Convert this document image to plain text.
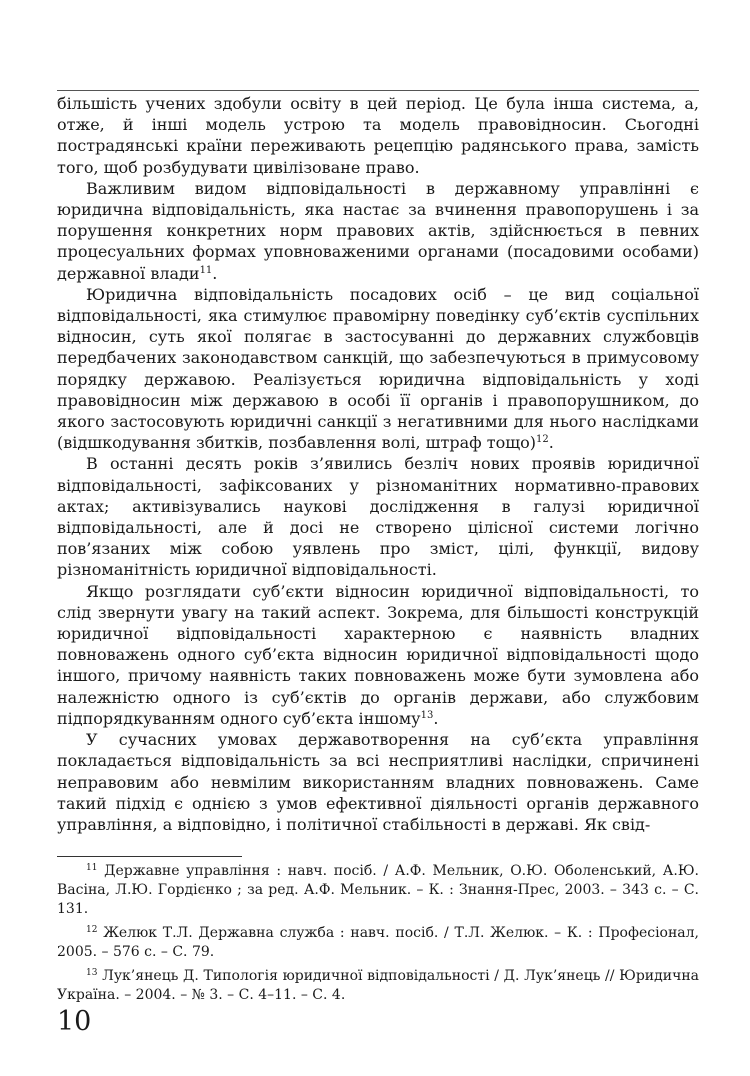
більшість учених здобули освіту в цей період. Це була інша система, а, отже, й інші модель устрою та модель правовідносин. Сьогодні пострадянські країни переживають рецепцію радянського права, замість того, щоб розбудувати цивілізоване право.

Важливим видом відповідальності в державному управлінні є юридична відповідальність, яка настає за вчинення правопорушень і за порушення конкретних норм правових актів, здійснюється в певних процесуальних формах уповноваженими органами (посадовими особами) державної влади$^{11}$.

Юридична відповідальність посадових осіб – це вид соціальної відповідальності, яка стимулює правомірну поведінку суб’єктів суспільних відносин, суть якої полягає в застосуванні до державних службовців передбачених законодавством санкцій, що забезпечуються в примусовому порядку державою. Реалізується юридична відповідальність у ході правовідносин між державою в особі її органів і правопорушником, до якого застосовують юридичні санкції з негативними для нього наслідками (відшкодування збитків, позбавлення волі, штраф тощо)$^{12}$.

В останні десять років з’явились безліч нових проявів юридичної відповідальності, зафіксованих у різноманітних нормативно-правових актах; активізувались наукові дослідження в галузі юридичної відповідальності, але й досі не створено цілісної системи логічно пов’язаних між собою уявлень про зміст, цілі, функції, видову різноманітність юридичної відповідальності.

Якщо розглядати суб’єкти відносин юридичної відповідальності, то слід звернути увагу на такий аспект. Зокрема, для більшості конструкцій юридичної відповідальності характерною є наявність владних повноважень одного суб’єкта відносин юридичної відповідальності щодо іншого, причому наявність таких повноважень може бути зумовлена або належністю одного із суб’єктів до органів держави, або службовим підпорядкуванням одного суб’єкта іншому$^{13}$.

У сучасних умовах державотворення на суб’єкта управління покладається відповідальність за всі несприятливі наслідки, спричинені неправовим або невмілим використанням владних повноважень. Саме такий підхід є однією з умов ефективної діяльності органів державного управління, а відповідно, і політичної стабільності в державі. Як свід-

$^{11}$ Державне управління : навч. посіб. / А.Ф. Мельник, О.Ю. Оболенський, А.Ю. Васіна, Л.Ю. Гордієнко ; за ред. А.Ф. Мельник. – К. : Знання-Прес, 2003. – 343 с. – С. 131.

$^{12}$ Желюк Т.Л. Державна служба : навч. посіб. / Т.Л. Желюк. – К. : Професіонал, 2005. – 576 с. – С. 79.

$^{13}$ Лук’янець Д. Типологія юридичної відповідальності / Д. Лук’янець // Юридична Україна. – 2004. – № 3. – С. 4–11. – С. 4.

10
